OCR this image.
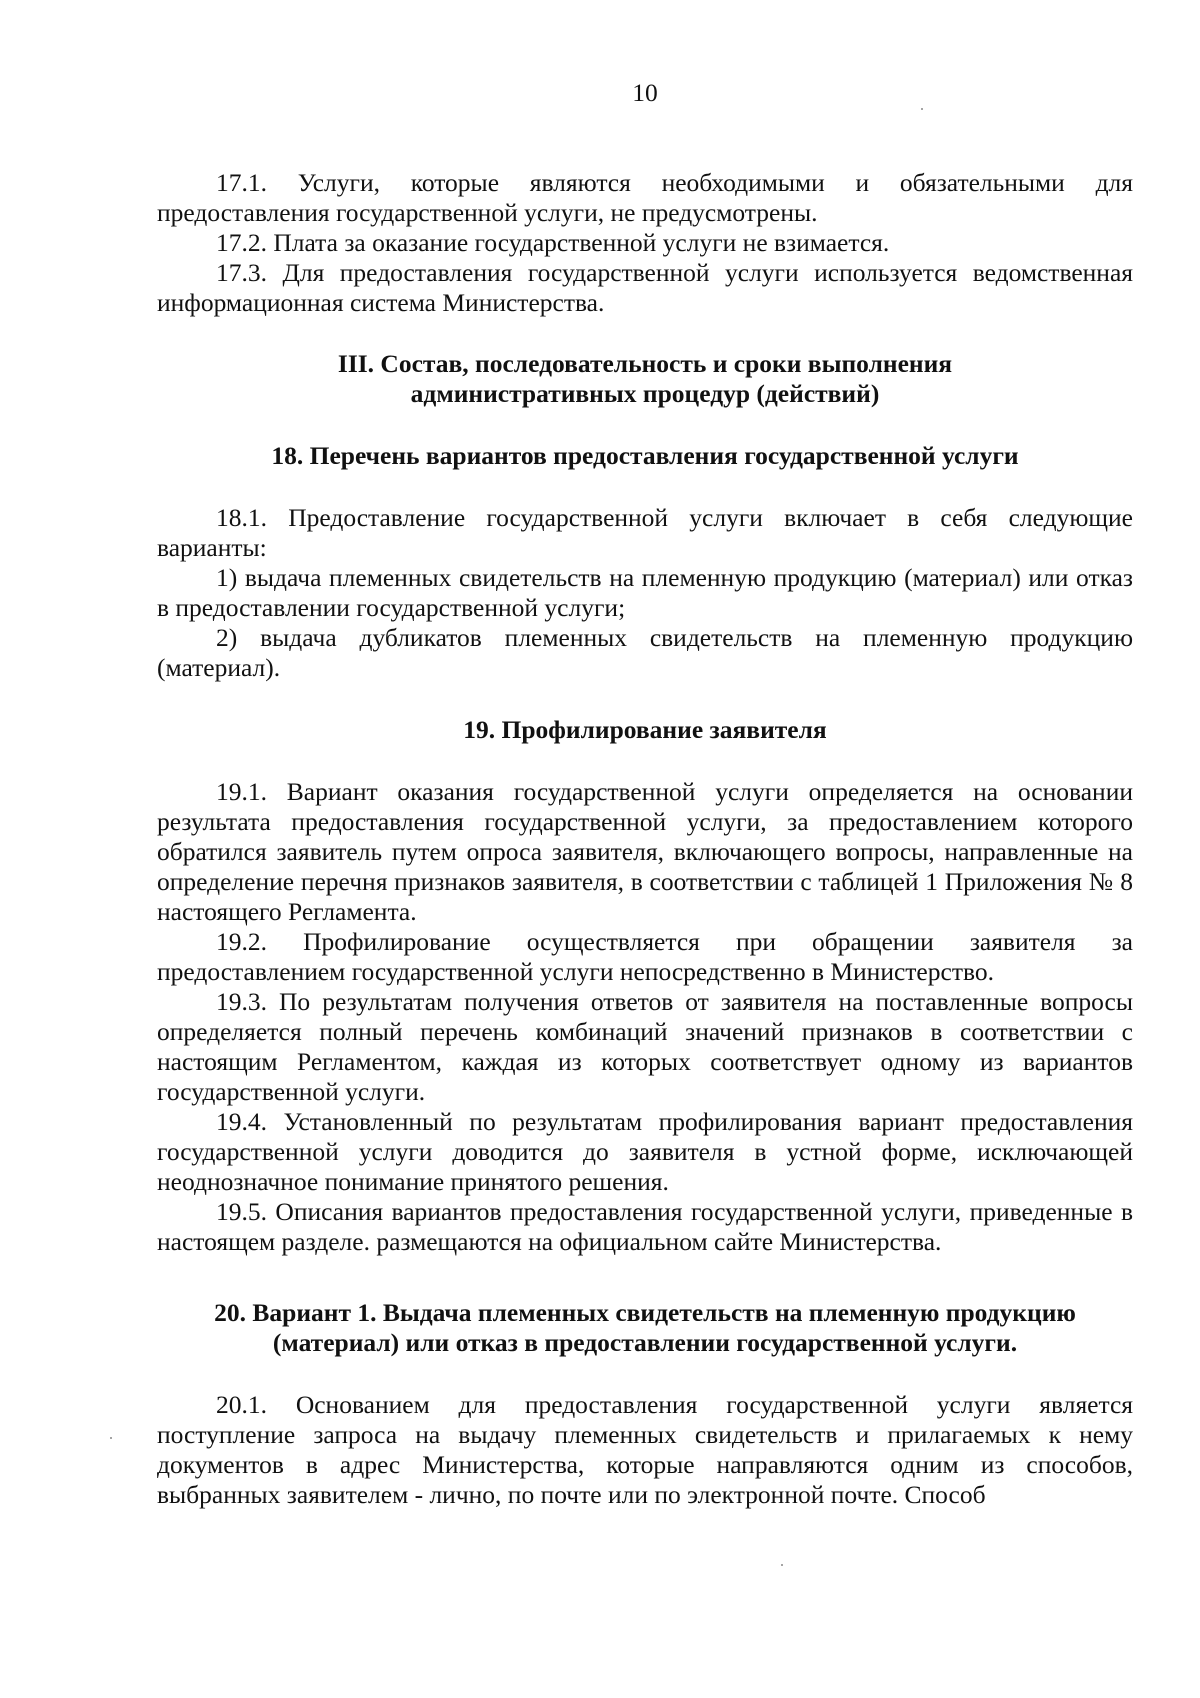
10

17.1. Услуги, которые являются необходимыми и обязательными для предоставления государственной услуги, не предусмотрены.

17.2. Плата за оказание государственной услуги не взимается.

17.3. Для предоставления государственной услуги используется ведомственная информационная система Министерства.

III. Состав, последовательность и сроки выполнения
административных процедур (действий)
18. Перечень вариантов предоставления государственной услуги

18.1. Предоставление государственной услуги включает в себя следующие варианты:

1) выдача племенных свидетельств на племенную продукцию (материал) или отказ в предоставлении государственной услуги;

2) выдача дубликатов племенных свидетельств на племенную продукцию (материал).

19. Профилирование заявителя

19.1. Вариант оказания государственной услуги определяется на основании результата предоставления государственной услуги, за предоставлением которого обратился заявитель путем опроса заявителя, включающего вопросы, направленные на определение перечня признаков заявителя, в соответствии с таблицей 1 Приложения № 8 настоящего Регламента.

19.2. Профилирование осуществляется при обращении заявителя за предоставлением государственной услуги непосредственно в Министерство.

19.3. По результатам получения ответов от заявителя на поставленные вопросы определяется полный перечень комбинаций значений признаков в соответствии с настоящим Регламентом, каждая из которых соответствует одному из вариантов государственной услуги.

19.4. Установленный по результатам профилирования вариант предоставления государственной услуги доводится до заявителя в устной форме, исключающей неоднозначное понимание принятого решения.

19.5. Описания вариантов предоставления государственной услуги, приведенные в настоящем разделе. размещаются на официальном сайте Министерства.

20. Вариант 1. Выдача племенных свидетельств на племенную продукцию
(материал) или отказ в предоставлении государственной услуги.

20.1. Основанием для предоставления государственной услуги является поступление запроса на выдачу племенных свидетельств и прилагаемых к нему документов в адрес Министерства, которые направляются одним из способов, выбранных заявителем - лично, по почте или по электронной почте. Способ
